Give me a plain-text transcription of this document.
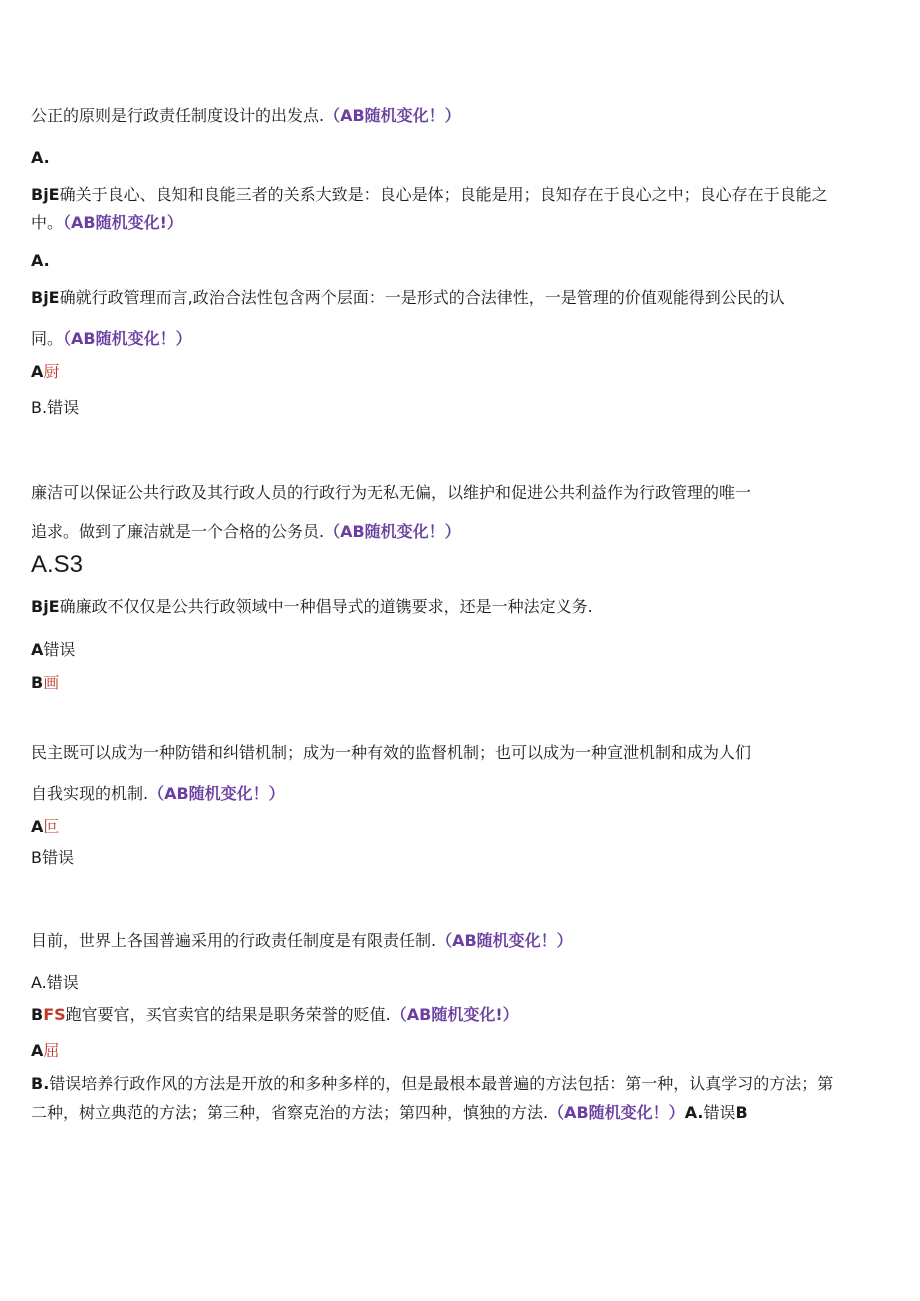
公正的原则是行政责任制度设计的出发点.（AB随机变化！）
A.
BjE确关于良心、良知和良能三者的关系大致是：良心是体；良能是用；良知存在于良心之中；良心存在于良能之
中。（AB随机变化!）
A.
BjE确就行政管理而言,政治合法性包含两个层面：一是形式的合法律性，一是管理的价值观能得到公民的认
同。（AB随机变化！）
A厨
B.错误
廉洁可以保证公共行政及其行政人员的行政行为无私无偏，以维护和促进公共利益作为行政管理的唯一
追求。做到了廉洁就是一个合格的公务员.（AB随机变化！）
A.S3
BjE确廉政不仅仅是公共行政领域中一种倡导式的道镌要求，还是一种法定义务.
A错误
B画
民主既可以成为一种防错和纠错机制；成为一种有效的监督机制；也可以成为一种宣泄机制和成为人们
自我实现的机制.（AB随机变化！）
A叵
B错误
目前，世界上各国普遍采用的行政责任制度是有限责任制.（AB随机变化！）
A.错误
BFS跑官要官，买官卖官的结果是职务荣誉的贬值.（AB随机变化!）
A屈
B.错误培养行政作风的方法是开放的和多种多样的，但是最根本最普遍的方法包括：第一种，认真学习的方法；第
二种，树立典范的方法；第三种，省察克治的方法；第四种，慎独的方法.（AB随机变化！）A.错误B
